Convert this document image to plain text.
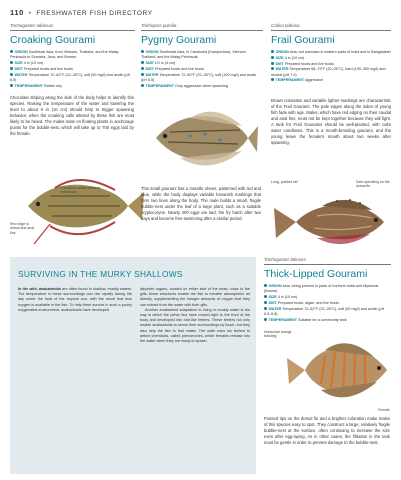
110  •  FRESHWATER FISH DIRECTORY
Trichogaster labiosus
Croaking Gourami
ORIGIN Southeast Asia, from Vietnam, Thailand, and the Malay Peninsula to Sumatra, Java, and Borneo
SIZE 4 in (10 cm)
DIET Prepared foods and live foods
WATER Temperature 72–82°F (22–28°C), soft (50 mg/l) and acidic (pH 6.5)
TEMPERAMENT Rather shy
Chocolate striping along the side of the body helps to identify this species. Raising the temperature of the water and lowering the level to about 6 in (10 cm) should help to trigger spawning behavior, when the croaking calls uttered by these fish are most likely to be heard. The males mate on floating plants in anchorage points for the bubble-nest, which will take up to 700 eggs laid by the female.
Coloration varies between individuals
Red edge to dorsal and anal fins
Trichopsis pumila
Pygmy Gourami
ORIGIN Southeast Asia, in Cambodia (Kampuchea), Vietnam, Thailand, and the Malay Peninsula
SIZE 1½ in (4 cm)
DIET Prepared foods and live foods
WATER Temperature 72–82°F (22–28°C), soft (100 mg/l) and acidic (pH 6.5)
TEMPERAMENT Only aggressive when spawning
This small gourami has a metallic sheen, patterned with red and blue, while the body displays variable brownish markings that form two lines along the body. The male builds a small, fragile bubble-nest under the leaf of a large plant, such as a suitable cryptocoryne. Nearly 200 eggs are laid; the fry hatch after two days and become free-swimming after a similar period.
Colisa labiosa
Frail Gourami
ORIGIN Asia, but unknown in eastern parts of India and in Bangladesh
SIZE 4 in (10 cm)
DIET Prepared foods and live foods
WATER Temperature 68–79°F (20–26°C), hard (100–300 mg/l) and neutral (pH 7.0)
TEMPERAMENT Aggressive
Brown coloration and variable lighter markings are characteristic of the Frail Gourami. The pale edges along the sides of young fish fade with age. Males, which have red edging on their caudal and anal fins, must not be kept together because they will fight. A tank for Frail Gouramis should be well-planted, with calm water conditions. This is a mouth-brooding gourami, and the young leave the female's mouth about two weeks after spawning.
Long, pointed tail	Dark speckling on the dorsal fin
SURVIVING IN THE MURKY SHALLOWS
In the wild, anabantoids are often found in shallow, muddy waters. The temperature in these surroundings can rise rapidly during the day under the heat of the tropical sun, with the result that less oxygen is available in the fish. To help them survive in such a poorly oxygenated environment, anabantoids have developed
labyrinth organs, located on either side of the head, close to the gills; these structures enable the fish to breathe atmospheric air directly, supplementing the meagre amounts of oxygen that they can extract from the water with their gills.
Another anabantoid adaptation to living in muddy water is the way in which the pelvic fins have moved right to the front of the body and developed into hair-like feelers. These feelers not only enable anabantoids to sense their surroundings by touch, but they also help the fish to find mates. The male uses his feelers to detect chemicals, called pheromones, which females release into the water when they are ready to spawn.
Trichogaster lalioses
Thick-Lipped Gourami
ORIGIN Asia, being present in parts of northern India and Myanmar (Burma)
SIZE 4 in (10 cm)
DIET Prepared foods, algae, and live foods
WATER Temperature 72–82°F (22–28°C), soft (50 mg/l) and acidic (pH 6.5–6.8)
TEMPERAMENT Suitable for a community tank
Horizontal orange banding
Female
Pointed tips on the dorsal fin and a brighter coloration make males of this species easy to spot. They construct a large, relatively fragile bubble-nest at the surface, often continuing to increase the size even after egg-laying. As in other cases, the filtration in the tank must be gentle in order to prevent damage to the bubble-nest.
